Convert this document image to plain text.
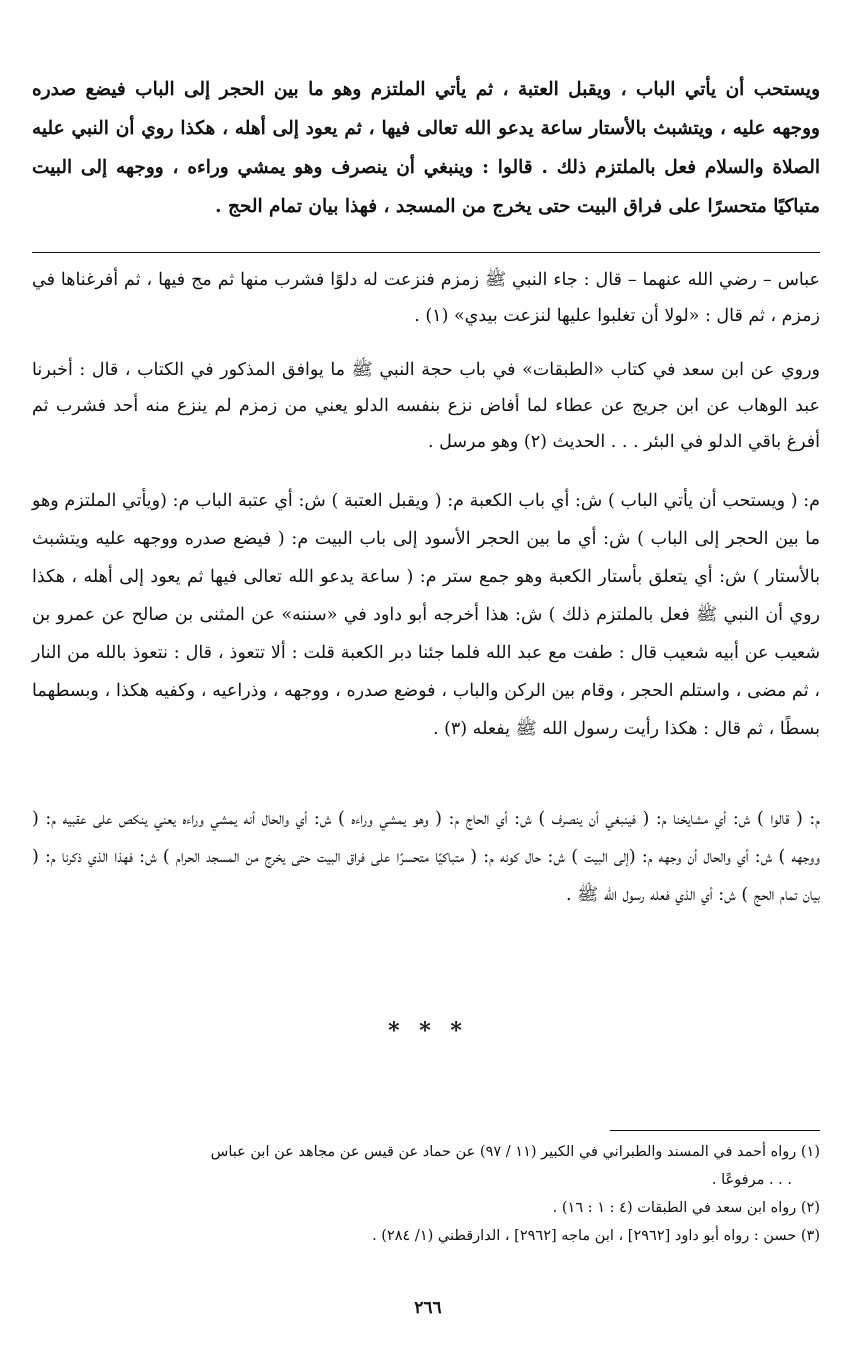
ويستحب أن يأتي الباب ، ويقبل العتبة ، ثم يأتي الملتزم وهو ما بين الحجر إلى الباب فيضع صدره ووجهه عليه ، ويتشبث بالأستار ساعة يدعو الله تعالى فيها ، ثم يعود إلى أهله ، هكذا روي أن النبي عليه الصلاة والسلام فعل بالملتزم ذلك . قالوا : وينبغي أن ينصرف وهو يمشي وراءه ، ووجهه إلى البيت متباكيًا متحسرًا على فراق البيت حتى يخرج من المسجد ، فهذا بيان تمام الحج .

عباس – رضي الله عنهما – قال : جاء النبي ﷺ زمزم فنزعت له دلوًا فشرب منها ثم مج فيها ، ثم أفرغناها في زمزم ، ثم قال : «لولا أن تغلبوا عليها لنزعت بيدي» (١) .

وروي عن ابن سعد في كتاب «الطبقات» في باب حجة النبي ﷺ ما يوافق المذكور في الكتاب ، قال : أخبرنا عبد الوهاب عن ابن جريج عن عطاء لما أفاض نزع بنفسه الدلو يعني من زمزم لم ينزع منه أحد فشرب ثم أفرغ باقي الدلو في البئر . . . الحديث (٢) وهو مرسل .

م: ( ويستحب أن يأتي الباب ) ش: أي باب الكعبة م: ( ويقبل العتبة ) ش: أي عتبة الباب م: (ويأتي الملتزم وهو ما بين الحجر إلى الباب ) ش: أي ما بين الحجر الأسود إلى باب البيت م: ( فيضع صدره ووجهه عليه ويتشبث بالأستار ) ش: أي يتعلق بأستار الكعبة وهو جمع ستر م: ( ساعة يدعو الله تعالى فيها ثم يعود إلى أهله ، هكذا روي أن النبي ﷺ فعل بالملتزم ذلك ) ش: هذا أخرجه أبو داود في «سننه» عن المثنى بن صالح عن عمرو بن شعيب عن أبيه شعيب قال : طفت مع عبد الله فلما جئنا دبر الكعبة قلت : ألا تتعوذ ، قال : نتعوذ بالله من النار ، ثم مضى ، واستلم الحجر ، وقام بين الركن والباب ، فوضع صدره ، ووجهه ، وذراعيه ، وكفيه هكذا ، وبسطهما بسطًا ، ثم قال : هكذا رأيت رسول الله ﷺ يفعله (٣) .

م: ( قالوا ) ش: أي مشايخنا م: ( فينبغي أن ينصرف ) ش: أي الحاج م: ( وهو يمشي وراءه ) ش: أي والحال أنه يمشي وراءه يعني ينكص على عقبيه م: ( ووجهه ) ش: أي والحال أن وجهه م: (إلى البيت ) ش: حال كونه م: ( متباكيًا متحسرًا على فراق البيت حتى يخرج من المسجد الحرام ) ش: فهذا الذي ذكرنا م: ( بيان تمام الحج ) ش: أي الذي فعله رسول الله ﷺ .

* * *

(١) رواه أحمد في المسند والطبراني في الكبير (١١ / ٩٧) عن حماد عن قيس عن مجاهد عن ابن عباس

. . . مرفوعًا .

(٢) رواه ابن سعد في الطبقات (٤ : ١ : ١٦) .

(٣) حسن : رواه أبو داود [٢٩٦٢] ، ابن ماجه [٢٩٦٢] ، الدارقطني (١/ ٢٨٤) .

٢٦٦
